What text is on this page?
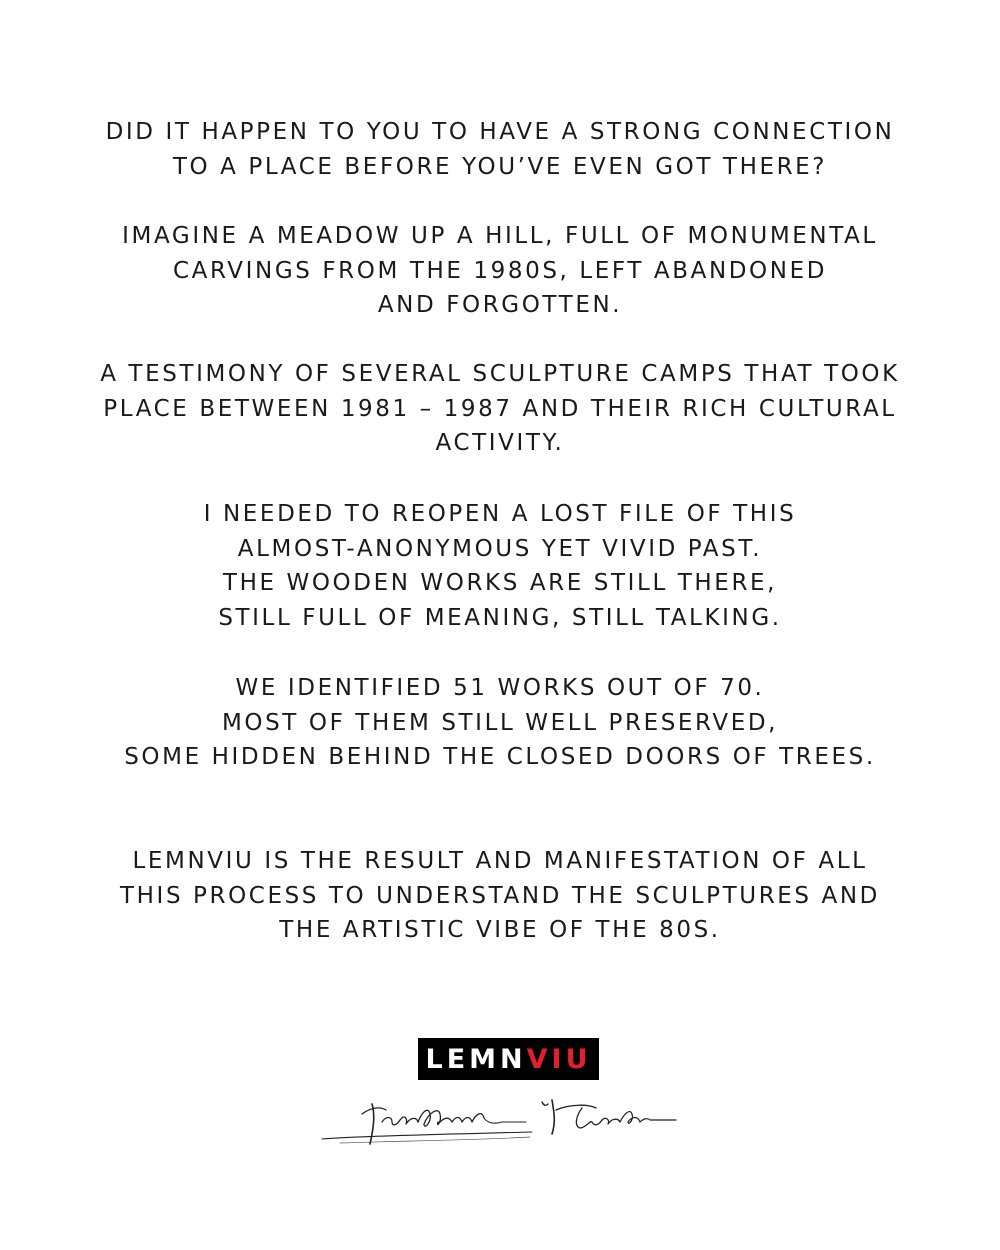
DID IT HAPPEN TO YOU TO HAVE A STRONG CONNECTION
TO A PLACE BEFORE YOU’VE EVEN GOT THERE?
IMAGINE A MEADOW UP A HILL, FULL OF MONUMENTAL
CARVINGS FROM THE 1980S, LEFT ABANDONED
AND FORGOTTEN.
A TESTIMONY OF SEVERAL SCULPTURE CAMPS THAT TOOK
PLACE BETWEEN 1981 – 1987 AND THEIR RICH CULTURAL
ACTIVITY.
I NEEDED TO REOPEN A LOST FILE OF THIS
ALMOST-ANONYMOUS YET VIVID PAST.
THE WOODEN WORKS ARE STILL THERE,
STILL FULL OF MEANING, STILL TALKING.
WE IDENTIFIED 51 WORKS OUT OF 70.
MOST OF THEM STILL WELL PRESERVED,
SOME HIDDEN BEHIND THE CLOSED DOORS OF TREES.
LEMNVIU IS THE RESULT AND MANIFESTATION OF ALL
THIS PROCESS TO UNDERSTAND THE SCULPTURES AND
THE ARTISTIC VIBE OF THE 80S.
LEMN VIU
